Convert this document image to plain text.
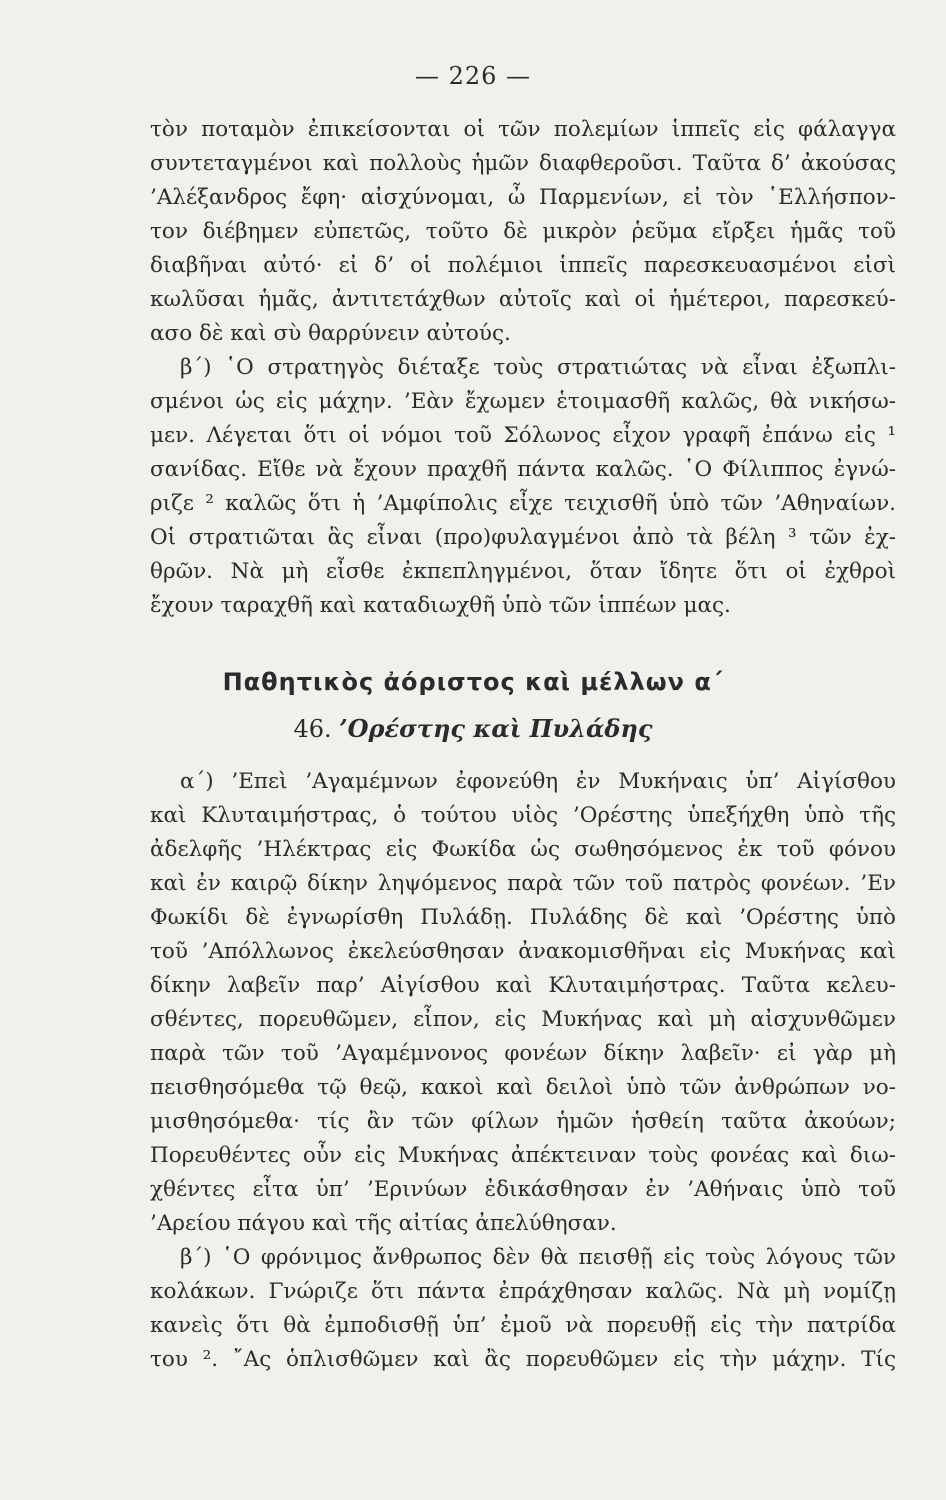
— 226 —
τὸν ποταμὸν ἐπικείσονται οἱ τῶν πολεμίων ἱππεῖς εἰς φάλαγγα
συντεταγμένοι καὶ πολλοὺς ἡμῶν διαφθεροῦσι. Ταῦτα δ’ ἀκούσας
’Αλέξανδρος ἔφη· αἰσχύνομαι, ὦ Παρμενίων, εἰ τὸν ῾Ελλήσπον-
τον διέβημεν εὐπετῶς, τοῦτο δὲ μικρὸν ῥεῦμα εἴρξει ἡμᾶς τοῦ
διαβῆναι αὐτό· εἰ δ’ οἱ πολέμιοι ἱππεῖς παρεσκευασμένοι εἰσὶ
κωλῦσαι ἡμᾶς, ἀντιτετάχθων αὐτοῖς καὶ οἱ ἡμέτεροι, παρεσκεύ-
ασο δὲ καὶ σὺ θαρρύνειν αὐτούς.
β΄) ῾Ο στρατηγὸς διέταξε τοὺς στρατιώτας νὰ εἶναι ἐξωπλι-
σμένοι ὡς εἰς μάχην. ’Εὰν ἔχωμεν ἑτοιμασθῆ καλῶς, θὰ νικήσω-
μεν. Λέγεται ὅτι οἱ νόμοι τοῦ Σόλωνος εἶχον γραφῆ ἐπάνω εἰς ¹
σανίδας. Εἴθε νὰ ἔχουν πραχθῆ πάντα καλῶς. ῾Ο Φίλιππος ἐγνώ-
ριζε ² καλῶς ὅτι ἡ ’Αμφίπολις εἶχε τειχισθῆ ὑπὸ τῶν ’Αθηναίων.
Οἱ στρατιῶται ἃς εἶναι (προ)φυλαγμένοι ἀπὸ τὰ βέλη ³ τῶν ἐχ-
θρῶν. Νὰ μὴ εἶσθε ἐκπεπληγμένοι, ὅταν ἴδητε ὅτι οἱ ἐχθροὶ
ἔχουν ταραχθῆ καὶ καταδιωχθῆ ὑπὸ τῶν ἱππέων μας.
Παθητικὸς ἀόριστος καὶ μέλλων α΄
46. ’Ορέστης καὶ Πυλάδης
α΄) ’Επεὶ ’Αγαμέμνων ἐφονεύθη ἐν Μυκήναις ὑπ’ Αἰγίσθου
καὶ Κλυταιμήστρας, ὁ τούτου υἱὸς ’Ορέστης ὑπεξήχθη ὑπὸ τῆς
ἀδελφῆς ’Ηλέκτρας εἰς Φωκίδα ὡς σωθησόμενος ἐκ τοῦ φόνου
καὶ ἐν καιρῷ δίκην ληψόμενος παρὰ τῶν τοῦ πατρὸς φονέων. ’Εν
Φωκίδι δὲ ἐγνωρίσθη Πυλάδῃ. Πυλάδης δὲ καὶ ’Ορέστης ὑπὸ
τοῦ ’Απόλλωνος ἐκελεύσθησαν ἀνακομισθῆναι εἰς Μυκήνας καὶ
δίκην λαβεῖν παρ’ Αἰγίσθου καὶ Κλυταιμήστρας. Ταῦτα κελευ-
σθέντες, πορευθῶμεν, εἶπον, εἰς Μυκήνας καὶ μὴ αἰσχυνθῶμεν
παρὰ τῶν τοῦ ’Αγαμέμνονος φονέων δίκην λαβεῖν· εἰ γὰρ μὴ
πεισθησόμεθα τῷ θεῷ, κακοὶ καὶ δειλοὶ ὑπὸ τῶν ἀνθρώπων νο-
μισθησόμεθα· τίς ἂν τῶν φίλων ἡμῶν ἡσθείη ταῦτα ἀκούων;
Πορευθέντες οὖν εἰς Μυκήνας ἀπέκτειναν τοὺς φονέας καὶ διω-
χθέντες εἶτα ὑπ’ ’Ερινύων ἐδικάσθησαν ἐν ’Αθήναις ὑπὸ τοῦ
’Αρείου πάγου καὶ τῆς αἰτίας ἀπελύθησαν.
β΄) ῾Ο φρόνιμος ἄνθρωπος δὲν θὰ πεισθῇ εἰς τοὺς λόγους τῶν
κολάκων. Γνώριζε ὅτι πάντα ἐπράχθησαν καλῶς. Νὰ μὴ νομίζῃ
κανεὶς ὅτι θὰ ἐμποδισθῇ ὑπ’ ἐμοῦ νὰ πορευθῇ εἰς τὴν πατρίδα
του ². ῎Ας ὁπλισθῶμεν καὶ ἂς πορευθῶμεν εἰς τὴν μάχην. Τίς
